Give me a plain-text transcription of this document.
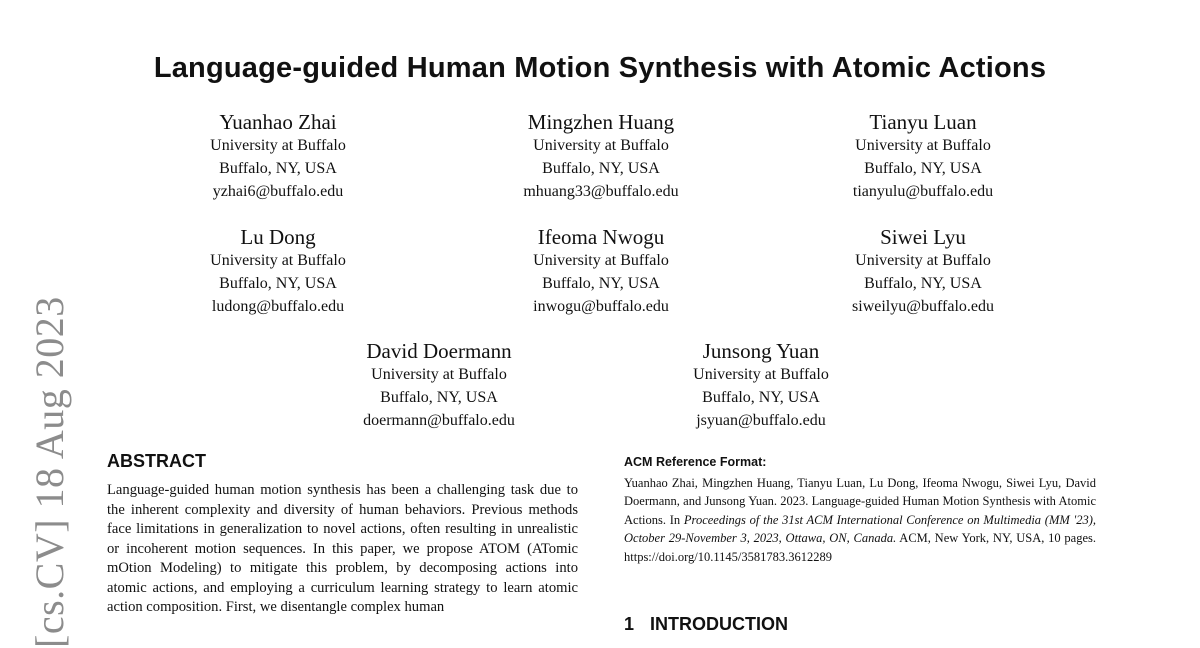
[cs.CV] 18 Aug 2023
Language-guided Human Motion Synthesis with Atomic Actions
Yuanhao Zhai
University at Buffalo
Buffalo, NY, USA
yzhai6@buffalo.edu
Mingzhen Huang
University at Buffalo
Buffalo, NY, USA
mhuang33@buffalo.edu
Tianyu Luan
University at Buffalo
Buffalo, NY, USA
tianyulu@buffalo.edu
Lu Dong
University at Buffalo
Buffalo, NY, USA
ludong@buffalo.edu
Ifeoma Nwogu
University at Buffalo
Buffalo, NY, USA
inwogu@buffalo.edu
Siwei Lyu
University at Buffalo
Buffalo, NY, USA
siweilyu@buffalo.edu
David Doermann
University at Buffalo
Buffalo, NY, USA
doermann@buffalo.edu
Junsong Yuan
University at Buffalo
Buffalo, NY, USA
jsyuan@buffalo.edu
ABSTRACT
Language-guided human motion synthesis has been a challenging task due to the inherent complexity and diversity of human behaviors. Previous methods face limitations in generalization to novel actions, often resulting in unrealistic or incoherent motion sequences. In this paper, we propose ATOM (ATomic mOtion Modeling) to mitigate this problem, by decomposing actions into atomic actions, and employing a curriculum learning strategy to learn atomic action composition. First, we disentangle complex human
ACM Reference Format:
Yuanhao Zhai, Mingzhen Huang, Tianyu Luan, Lu Dong, Ifeoma Nwogu, Siwei Lyu, David Doermann, and Junsong Yuan. 2023. Language-guided Human Motion Synthesis with Atomic Actions. In Proceedings of the 31st ACM International Conference on Multimedia (MM '23), October 29-November 3, 2023, Ottawa, ON, Canada. ACM, New York, NY, USA, 10 pages. https://doi.org/10.1145/3581783.3612289
1 INTRODUCTION
